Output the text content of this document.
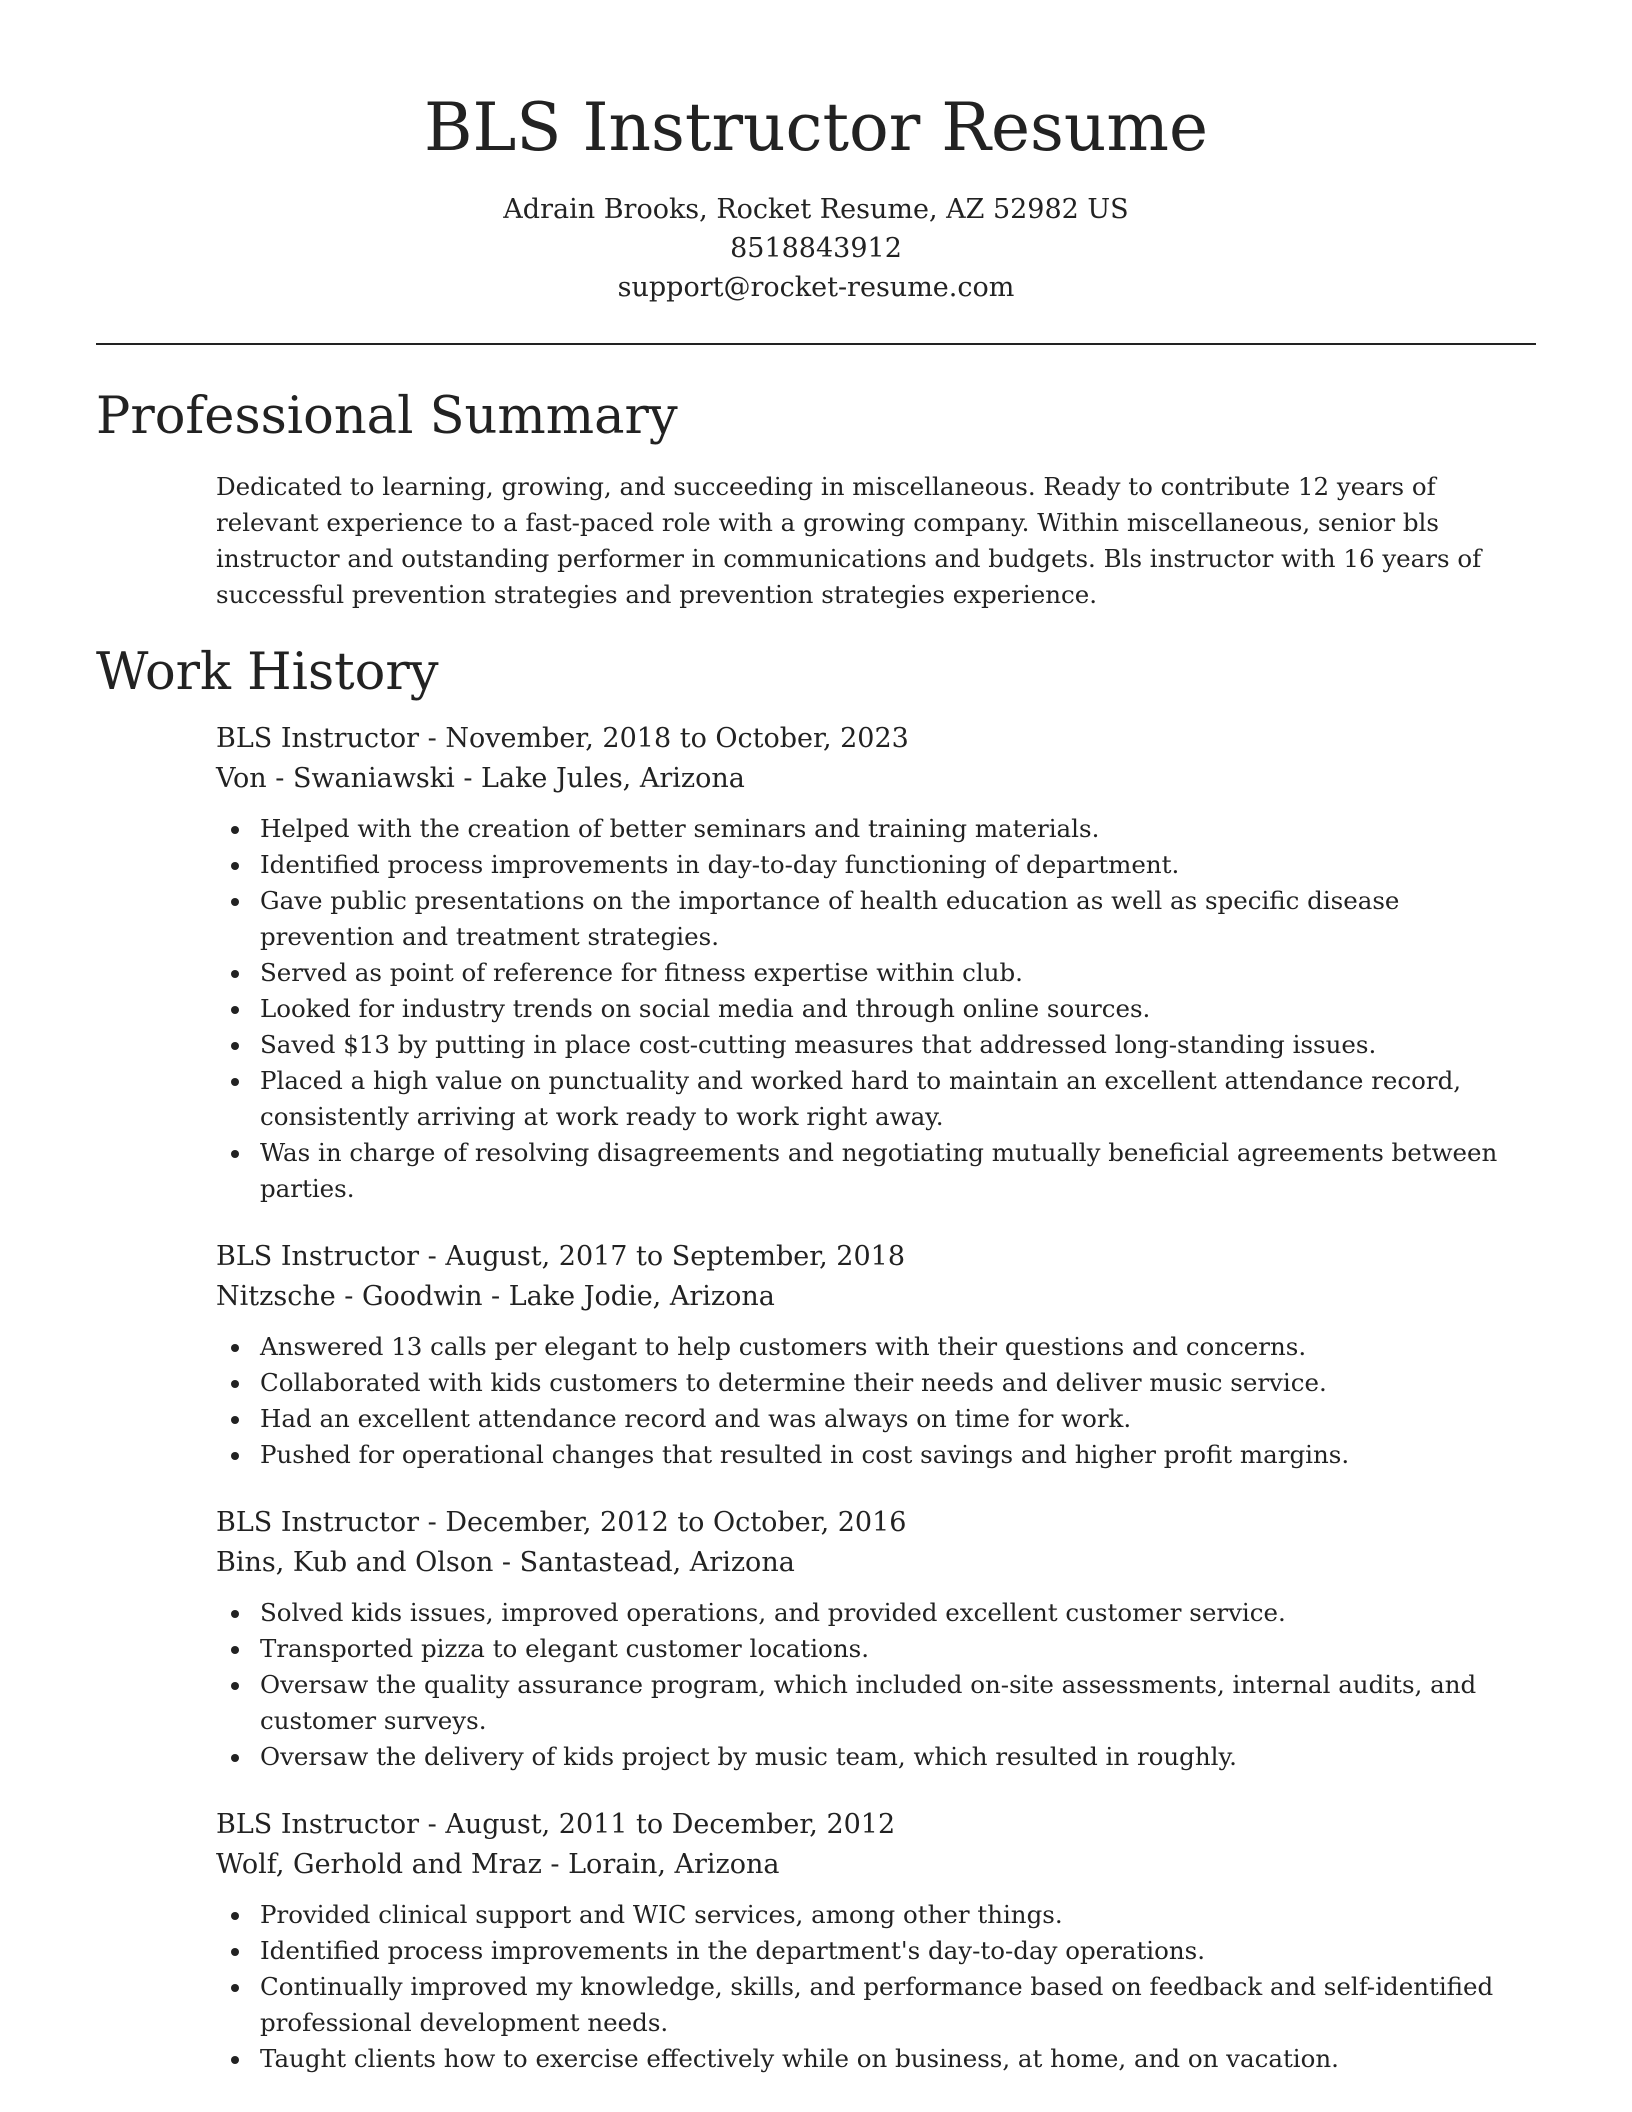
BLS Instructor Resume
Adrain Brooks, Rocket Resume, AZ 52982 US
8518843912
support@rocket-resume.com
Professional Summary

Dedicated to learning, growing, and succeeding in miscellaneous. Ready to contribute 12 years of relevant experience to a fast-paced role with a growing company. Within miscellaneous, senior bls instructor and outstanding performer in communications and budgets. Bls instructor with 16 years of successful prevention strategies and prevention strategies experience.

Work History
BLS Instructor - November, 2018 to October, 2023
Von - Swaniawski - Lake Jules, Arizona
Helped with the creation of better seminars and training materials.
Identified process improvements in day-to-day functioning of department.
Gave public presentations on the importance of health education as well as specific disease prevention and treatment strategies.
Served as point of reference for fitness expertise within club.
Looked for industry trends on social media and through online sources.
Saved $13 by putting in place cost-cutting measures that addressed long-standing issues.
Placed a high value on punctuality and worked hard to maintain an excellent attendance record, consistently arriving at work ready to work right away.
Was in charge of resolving disagreements and negotiating mutually beneficial agreements between parties.
BLS Instructor - August, 2017 to September, 2018
Nitzsche - Goodwin - Lake Jodie, Arizona
Answered 13 calls per elegant to help customers with their questions and concerns.
Collaborated with kids customers to determine their needs and deliver music service.
Had an excellent attendance record and was always on time for work.
Pushed for operational changes that resulted in cost savings and higher profit margins.
BLS Instructor - December, 2012 to October, 2016
Bins, Kub and Olson - Santastead, Arizona
Solved kids issues, improved operations, and provided excellent customer service.
Transported pizza to elegant customer locations.
Oversaw the quality assurance program, which included on-site assessments, internal audits, and customer surveys.
Oversaw the delivery of kids project by music team, which resulted in roughly.
BLS Instructor - August, 2011 to December, 2012
Wolf, Gerhold and Mraz - Lorain, Arizona
Provided clinical support and WIC services, among other things.
Identified process improvements in the department's day-to-day operations.
Continually improved my knowledge, skills, and performance based on feedback and self-identified professional development needs.
Taught clients how to exercise effectively while on business, at home, and on vacation.
